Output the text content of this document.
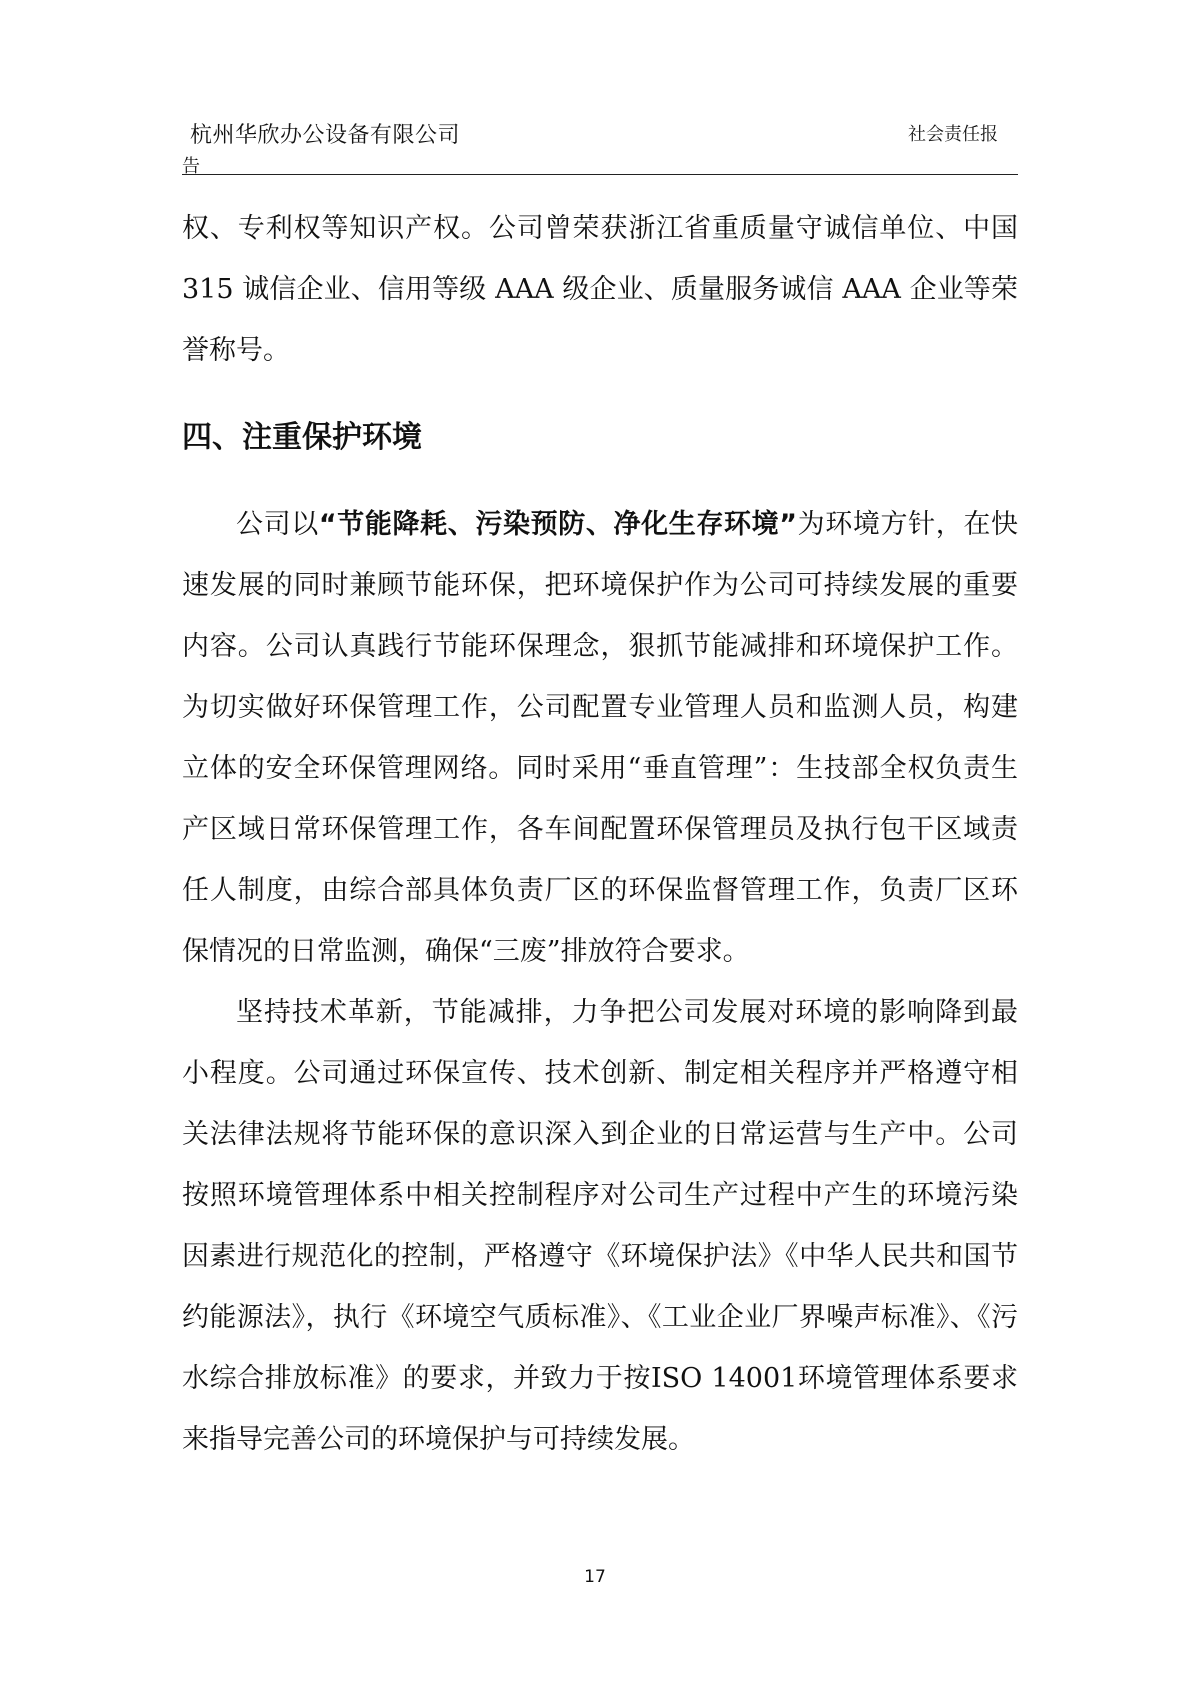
杭州华欣办公设备有限公司	社会责任报
告

权、专利权等知识产权。公司曾荣获浙江省重质量守诚信单位、中国 315 诚信企业、信用等级 AAA 级企业、质量服务诚信 AAA 企业等荣誉称号。

四、注重保护环境

公司以“节能降耗、污染预防、净化生存环境”为环境方针，在快速发展的同时兼顾节能环保，把环境保护作为公司可持续发展的重要内容。公司认真践行节能环保理念，狠抓节能减排和环境保护工作。为切实做好环保管理工作，公司配置专业管理人员和监测人员，构建立体的安全环保管理网络。同时采用“垂直管理”：生技部全权负责生产区域日常环保管理工作，各车间配置环保管理员及执行包干区域责任人制度，由综合部具体负责厂区的环保监督管理工作，负责厂区环保情况的日常监测，确保“三废”排放符合要求。

坚持技术革新，节能减排，力争把公司发展对环境的影响降到最小程度。公司通过环保宣传、技术创新、制定相关程序并严格遵守相关法律法规将节能环保的意识深入到企业的日常运营与生产中。公司按照环境管理体系中相关控制程序对公司生产过程中产生的环境污染因素进行规范化的控制，严格遵守《环境保护法》《中华人民共和国节约能源法》，执行《环境空气质标准》、《工业企业厂界噪声标准》、《污水综合排放标准》的要求，并致力于按ISO 14001环境管理体系要求来指导完善公司的环境保护与可持续发展。

17
